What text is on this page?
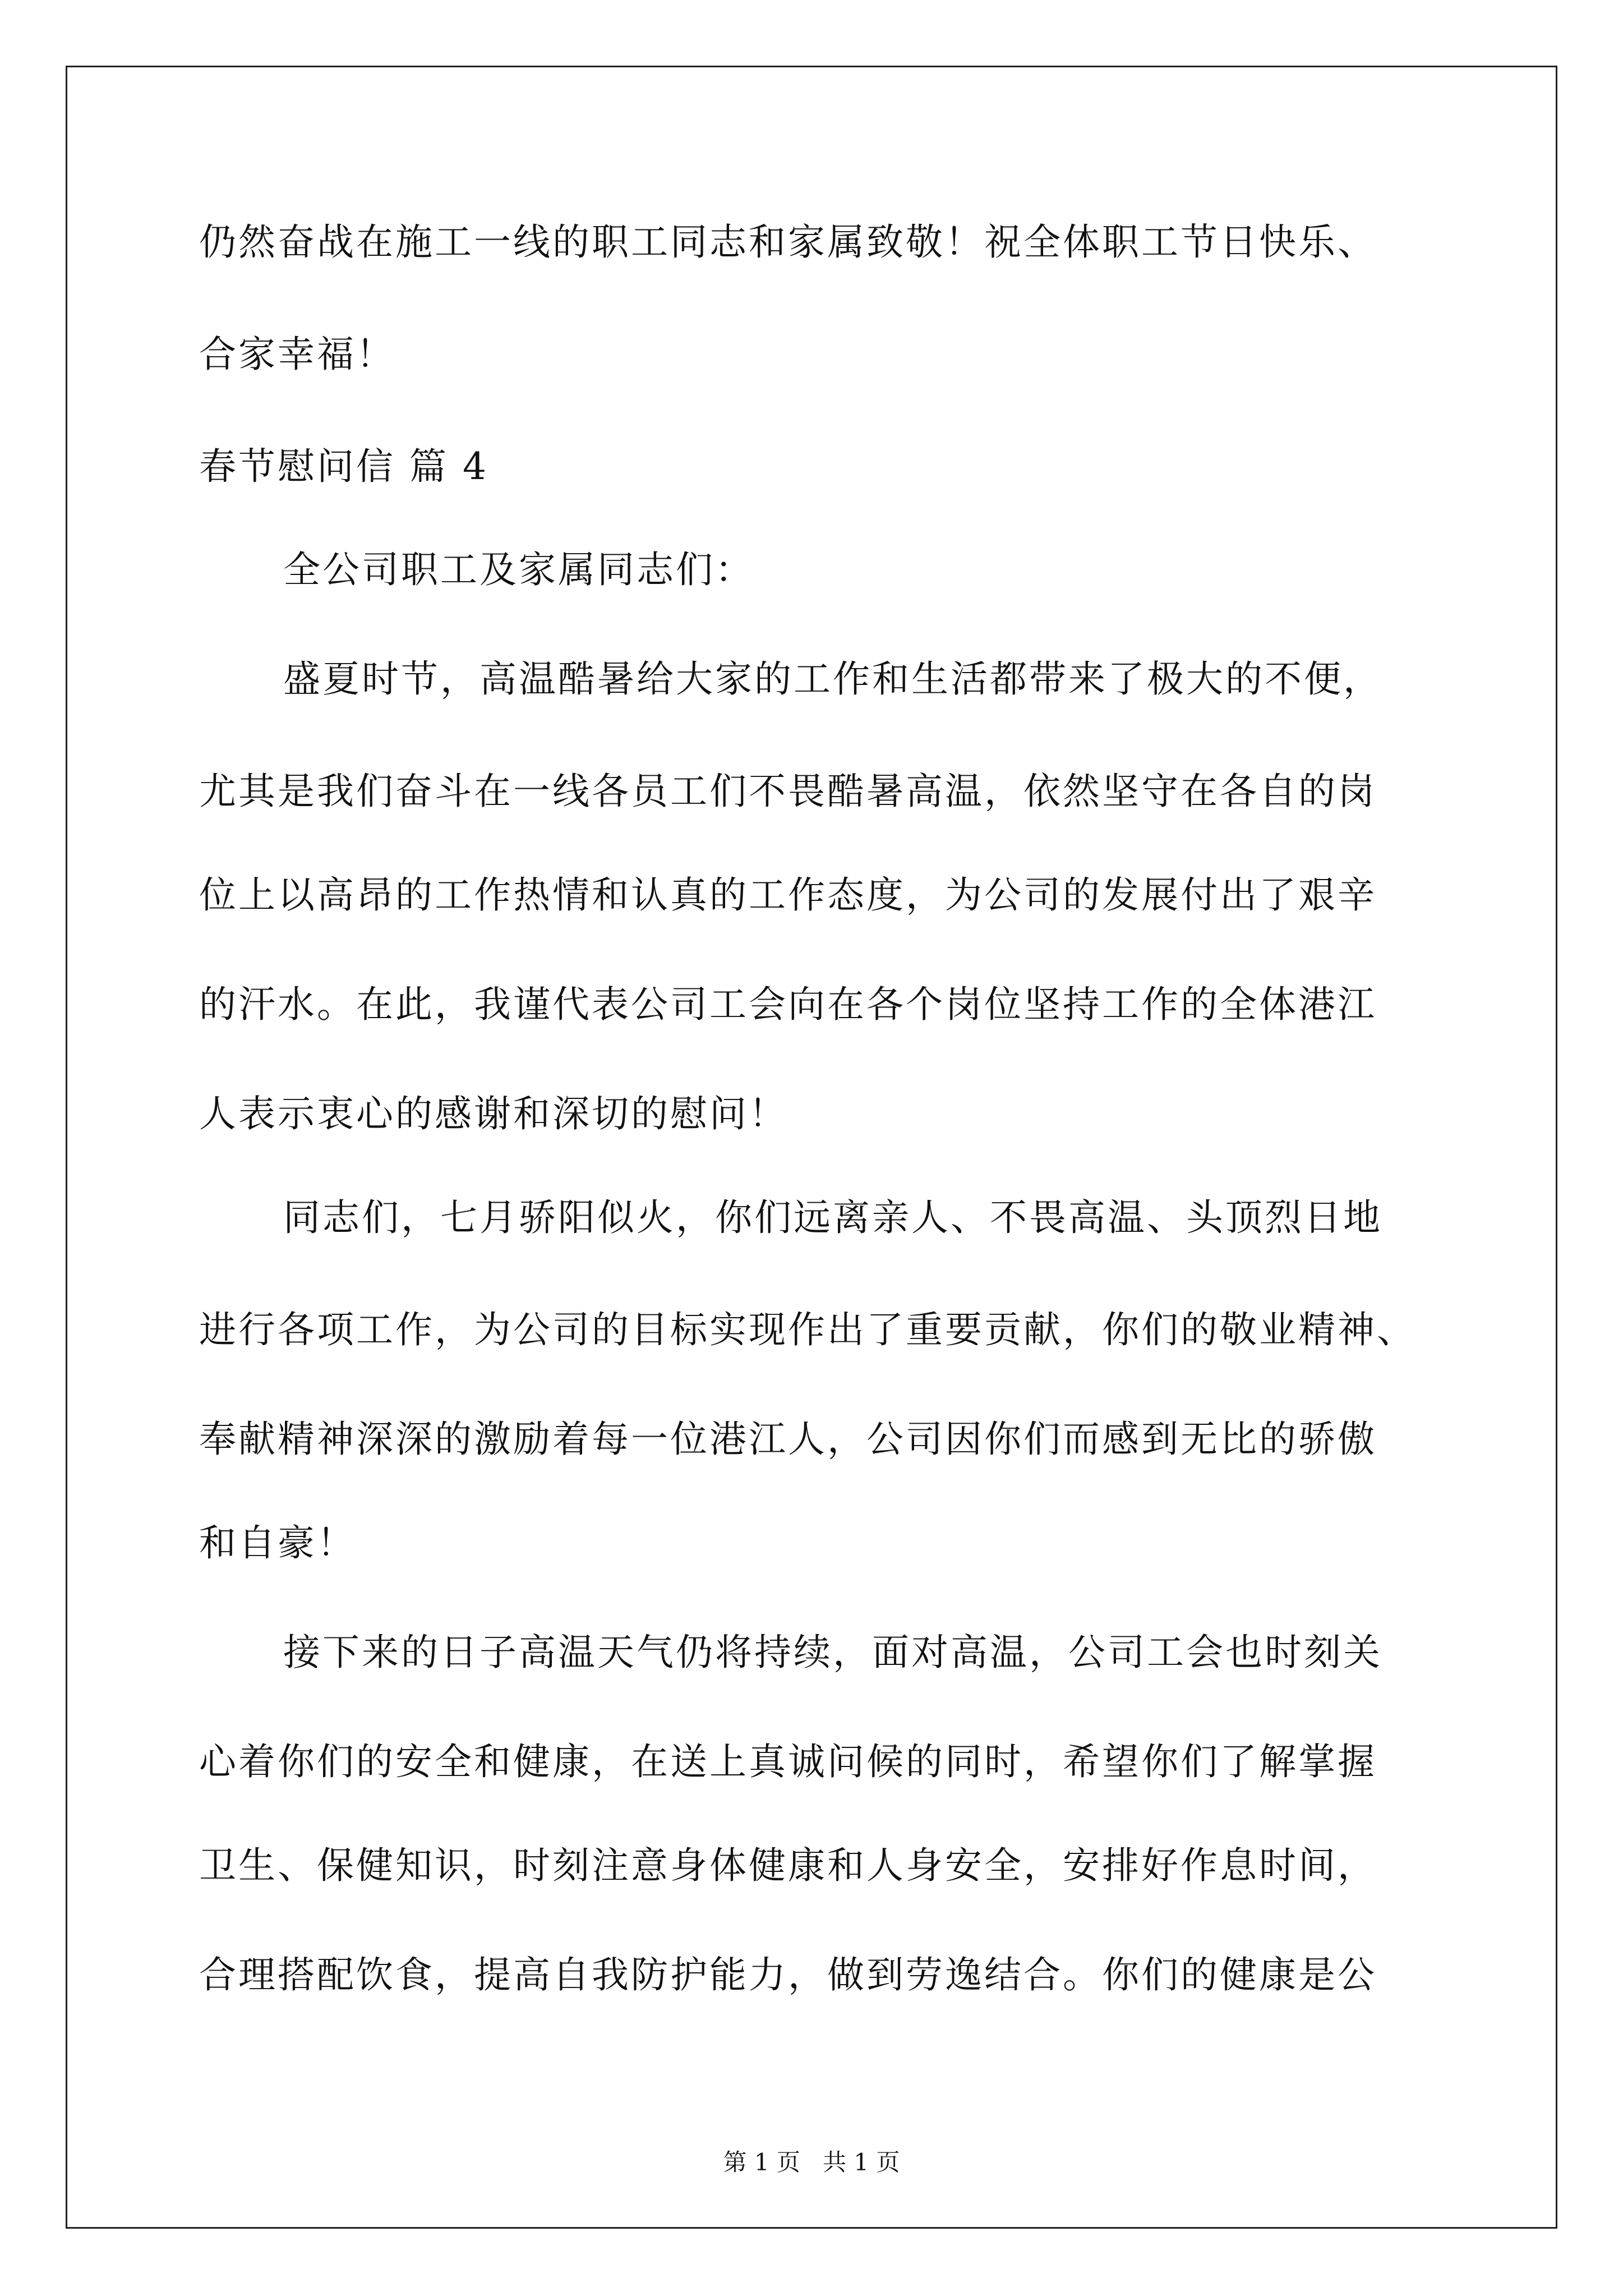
仍然奋战在施工一线的职工同志和家属致敬！祝全体职工节日快乐、
合家幸福！
春节慰问信 篇 4
全公司职工及家属同志们：
盛夏时节，高温酷暑给大家的工作和生活都带来了极大的不便，
尤其是我们奋斗在一线各员工们不畏酷暑高温，依然坚守在各自的岗
位上以高昂的工作热情和认真的工作态度，为公司的发展付出了艰辛
的汗水。在此，我谨代表公司工会向在各个岗位坚持工作的全体港江
人表示衷心的感谢和深切的慰问！
同志们，七月骄阳似火，你们远离亲人、不畏高温、头顶烈日地
进行各项工作，为公司的目标实现作出了重要贡献，你们的敬业精神、
奉献精神深深的激励着每一位港江人，公司因你们而感到无比的骄傲
和自豪！
接下来的日子高温天气仍将持续，面对高温，公司工会也时刻关
心着你们的安全和健康，在送上真诚问候的同时，希望你们了解掌握
卫生、保健知识，时刻注意身体健康和人身安全，安排好作息时间，
合理搭配饮食，提高自我防护能力，做到劳逸结合。你们的健康是公
第 1 页   共 1 页
